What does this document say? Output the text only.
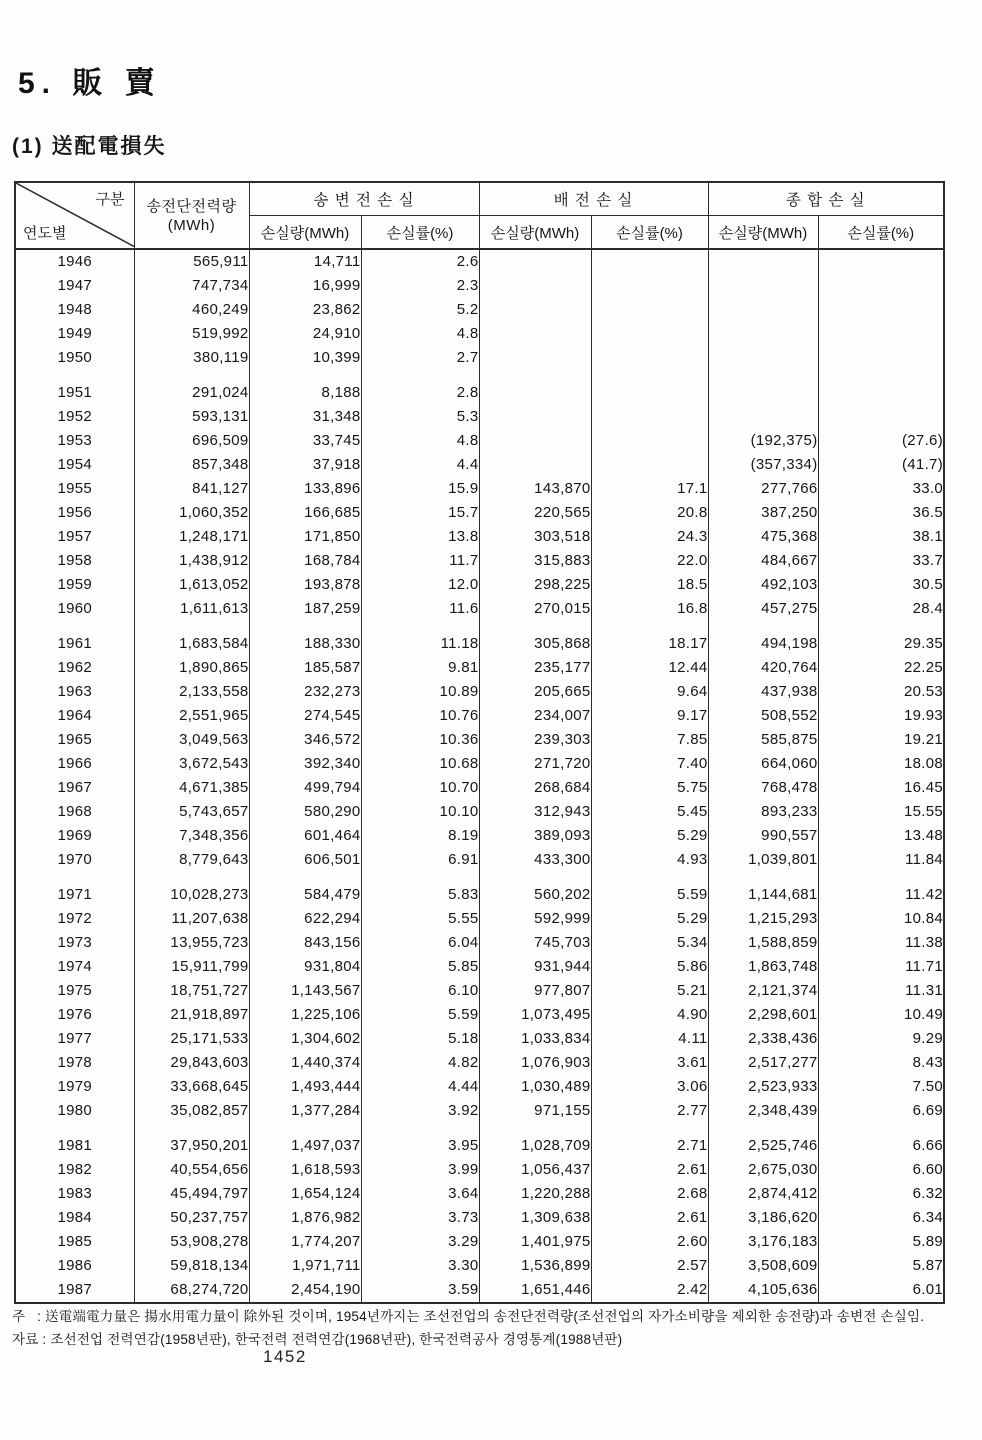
5. 販 賣
(1) 送配電損失
구분
연도별

송전단전력량
(MWh)
	송 변 전 손 실	배 전 손 실	종 합 손 실
		손실량(MWh)	손실률(%)	손실량(MWh)	손실률(%)	손실량(MWh)	손실률(%)
1946	565,911	14,711	2.6				
1947	747,734	16,999	2.3				
1948	460,249	23,862	5.2				
1949	519,992	24,910	4.8				
1950	380,119	10,399	2.7				

1951	291,024	8,188	2.8				
1952	593,131	31,348	5.3				
1953	696,509	33,745	4.8			(192,375)	(27.6)
1954	857,348	37,918	4.4			(357,334)	(41.7)
1955	841,127	133,896	15.9	143,870	17.1	277,766	33.0
1956	1,060,352	166,685	15.7	220,565	20.8	387,250	36.5
1957	1,248,171	171,850	13.8	303,518	24.3	475,368	38.1
1958	1,438,912	168,784	11.7	315,883	22.0	484,667	33.7
1959	1,613,052	193,878	12.0	298,225	18.5	492,103	30.5
1960	1,611,613	187,259	11.6	270,015	16.8	457,275	28.4

1961	1,683,584	188,330	11.18	305,868	18.17	494,198	29.35
1962	1,890,865	185,587	9.81	235,177	12.44	420,764	22.25
1963	2,133,558	232,273	10.89	205,665	9.64	437,938	20.53
1964	2,551,965	274,545	10.76	234,007	9.17	508,552	19.93
1965	3,049,563	346,572	10.36	239,303	7.85	585,875	19.21
1966	3,672,543	392,340	10.68	271,720	7.40	664,060	18.08
1967	4,671,385	499,794	10.70	268,684	5.75	768,478	16.45
1968	5,743,657	580,290	10.10	312,943	5.45	893,233	15.55
1969	7,348,356	601,464	8.19	389,093	5.29	990,557	13.48
1970	8,779,643	606,501	6.91	433,300	4.93	1,039,801	11.84

1971	10,028,273	584,479	5.83	560,202	5.59	1,144,681	11.42
1972	11,207,638	622,294	5.55	592,999	5.29	1,215,293	10.84
1973	13,955,723	843,156	6.04	745,703	5.34	1,588,859	11.38
1974	15,911,799	931,804	5.85	931,944	5.86	1,863,748	11.71
1975	18,751,727	1,143,567	6.10	977,807	5.21	2,121,374	11.31
1976	21,918,897	1,225,106	5.59	1,073,495	4.90	2,298,601	10.49
1977	25,171,533	1,304,602	5.18	1,033,834	4.11	2,338,436	9.29
1978	29,843,603	1,440,374	4.82	1,076,903	3.61	2,517,277	8.43
1979	33,668,645	1,493,444	4.44	1,030,489	3.06	2,523,933	7.50
1980	35,082,857	1,377,284	3.92	971,155	2.77	2,348,439	6.69

1981	37,950,201	1,497,037	3.95	1,028,709	2.71	2,525,746	6.66
1982	40,554,656	1,618,593	3.99	1,056,437	2.61	2,675,030	6.60
1983	45,494,797	1,654,124	3.64	1,220,288	2.68	2,874,412	6.32
1984	50,237,757	1,876,982	3.73	1,309,638	2.61	3,186,620	6.34
1985	53,908,278	1,774,207	3.29	1,401,975	2.60	3,176,183	5.89
1986	59,818,134	1,971,711	3.30	1,536,899	2.57	3,508,609	5.87
1987	68,274,720	2,454,190	3.59	1,651,446	2.42	4,105,636	6.01
주   : 送電端電力量은 揚水用電力量이 除外된 것이며, 1954년까지는 조선전업의 송전단전력량(조선전업의 자가소비량을 제외한 송전량)과 송변전 손실임.
자료 : 조선전업 전력연감(1958년판), 한국전력 전력연감(1968년판), 한국전력공사 경영통계(1988년판)
1452
